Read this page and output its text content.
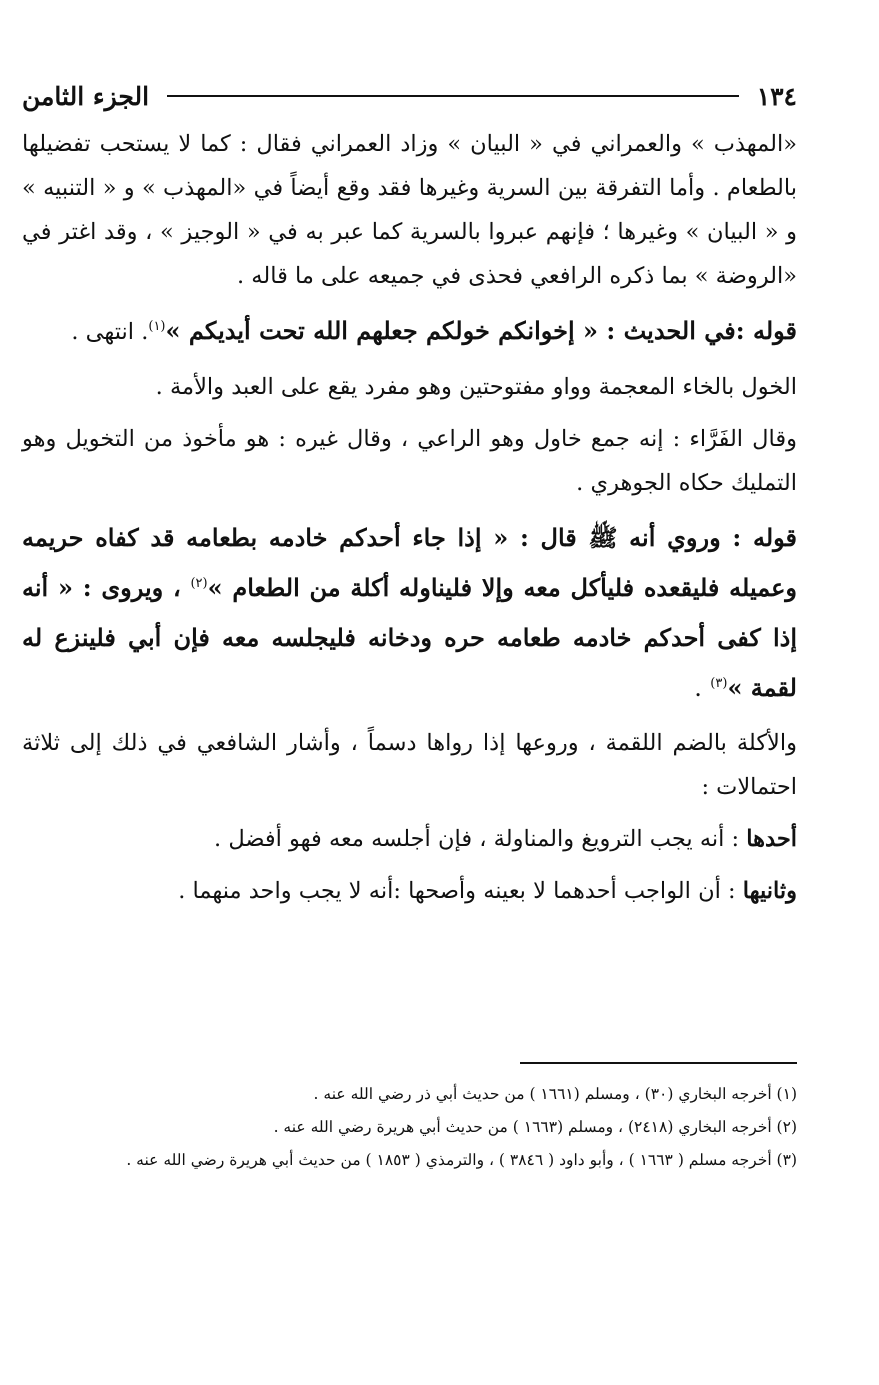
١٣٤
الجزء الثامن

«المهذب » والعمراني في « البيان » وزاد العمراني فقال : كما لا يستحب تفضيلها بالطعام . وأما التفرقة بين السرية وغيرها فقد وقع أيضاً في «المهذب » و « التنبيه » و « البيان » وغيرها ؛ فإنهم عبروا بالسرية كما عبر به في « الوجيز » ، وقد اغتر في «الروضة » بما ذكره الرافعي فحذى في جميعه على ما قاله .

قوله :في الحديث : « إخوانكم خولكم جعلهم الله تحت أيديكم »$^{(١)}$. انتهى .

الخول بالخاء المعجمة وواو مفتوحتين وهو مفرد يقع على العبد والأمة .

وقال الفَرَّاء : إنه جمع خاول وهو الراعي ، وقال غيره : هو مأخوذ من التخويل وهو التمليك حكاه الجوهري .

قوله : وروي أنه ﷺ قال : « إذا جاء أحدكم خادمه بطعامه قد كفاه حريمه وعميله فليقعده فليأكل معه وإلا فليناوله أكلة من الطعام »$^{(٢)}$ ، ويروى : « أنه إذا كفى أحدكم خادمه طعامه حره ودخانه فليجلسه معه فإن أبي فلينزع له لقمة »$^{(٣)}$ .

والأكلة بالضم اللقمة ، وروعها إذا رواها دسماً ، وأشار الشافعي في ذلك إلى ثلاثة احتمالات :

أحدها : أنه يجب الترويغ والمناولة ، فإن أجلسه معه فهو أفضل .

وثانيها : أن الواجب أحدهما لا بعينه وأصحها :أنه لا يجب واحد منهما .

(١) أخرجه البخاري (٣٠) ، ومسلم (١٦٦١ ) من حديث أبي ذر رضي الله عنه .

(٢) أخرجه البخاري (٢٤١٨) ، ومسلم (١٦٦٣ ) من حديث أبي هريرة رضي الله عنه .

(٣) أخرجه مسلم ( ١٦٦٣ ) ، وأبو داود ( ٣٨٤٦ ) ، والترمذي ( ١٨٥٣ ) من حديث أبي هريرة رضي الله عنه .
